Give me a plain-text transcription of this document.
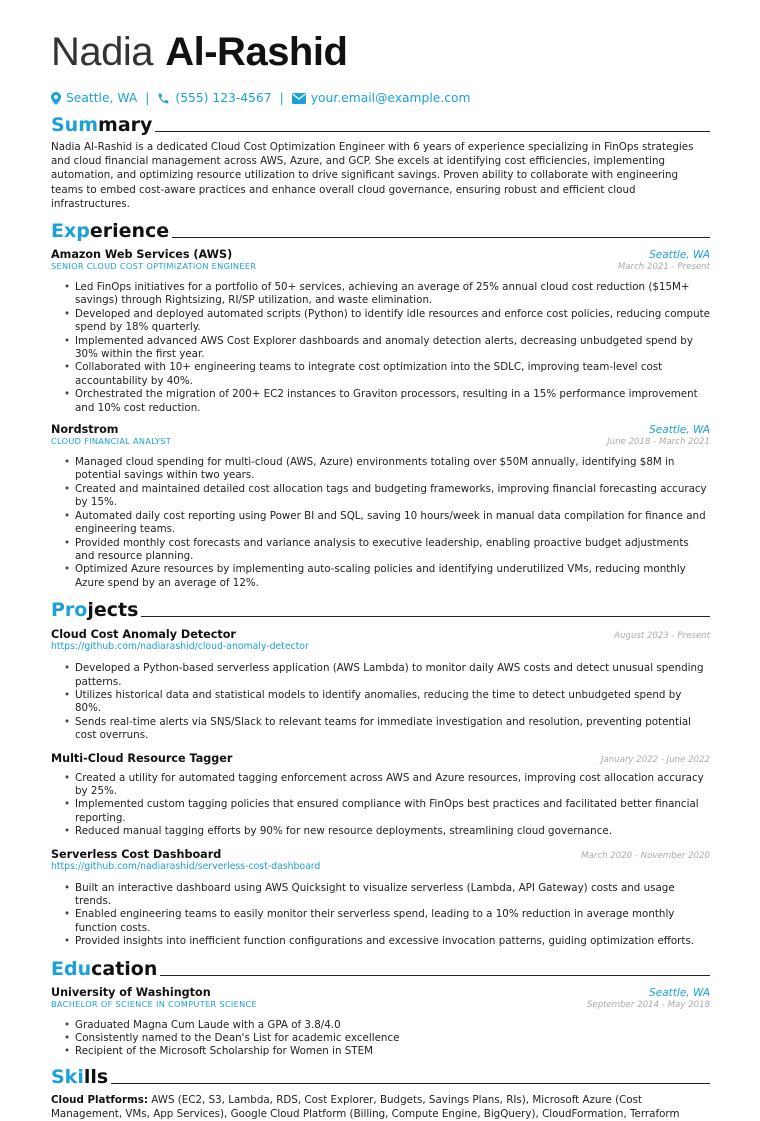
Nadia Al-Rashid
Seattle, WA | (555) 123-4567 | your.email@example.com
Summary
Nadia Al-Rashid is a dedicated Cloud Cost Optimization Engineer with 6 years of experience specializing in FinOps strategies and cloud financial management across AWS, Azure, and GCP. She excels at identifying cost efficiencies, implementing automation, and optimizing resource utilization to drive significant savings. Proven ability to collaborate with engineering teams to embed cost-aware practices and enhance overall cloud governance, ensuring robust and efficient cloud infrastructures.
Experience
Amazon Web Services (AWS)	Seattle, WA
SENIOR CLOUD COST OPTIMIZATION ENGINEER	March 2021 - Present
• Led FinOps initiatives for a portfolio of 50+ services, achieving an average of 25% annual cloud cost reduction ($15M+ savings) through Rightsizing, RI/SP utilization, and waste elimination.
• Developed and deployed automated scripts (Python) to identify idle resources and enforce cost policies, reducing compute spend by 18% quarterly.
• Implemented advanced AWS Cost Explorer dashboards and anomaly detection alerts, decreasing unbudgeted spend by 30% within the first year.
• Collaborated with 10+ engineering teams to integrate cost optimization into the SDLC, improving team-level cost accountability by 40%.
• Orchestrated the migration of 200+ EC2 instances to Graviton processors, resulting in a 15% performance improvement and 10% cost reduction.
Nordstrom	Seattle, WA
CLOUD FINANCIAL ANALYST	June 2018 - March 2021
• Managed cloud spending for multi-cloud (AWS, Azure) environments totaling over $50M annually, identifying $8M in potential savings within two years.
• Created and maintained detailed cost allocation tags and budgeting frameworks, improving financial forecasting accuracy by 15%.
• Automated daily cost reporting using Power BI and SQL, saving 10 hours/week in manual data compilation for finance and engineering teams.
• Provided monthly cost forecasts and variance analysis to executive leadership, enabling proactive budget adjustments and resource planning.
• Optimized Azure resources by implementing auto-scaling policies and identifying underutilized VMs, reducing monthly Azure spend by an average of 12%.
Projects
Cloud Cost Anomaly Detector	August 2023 - Present
https://github.com/nadiarashid/cloud-anomaly-detector
• Developed a Python-based serverless application (AWS Lambda) to monitor daily AWS costs and detect unusual spending patterns.
• Utilizes historical data and statistical models to identify anomalies, reducing the time to detect unbudgeted spend by 80%.
• Sends real-time alerts via SNS/Slack to relevant teams for immediate investigation and resolution, preventing potential cost overruns.
Multi-Cloud Resource Tagger	January 2022 - June 2022
• Created a utility for automated tagging enforcement across AWS and Azure resources, improving cost allocation accuracy by 25%.
• Implemented custom tagging policies that ensured compliance with FinOps best practices and facilitated better financial reporting.
• Reduced manual tagging efforts by 90% for new resource deployments, streamlining cloud governance.
Serverless Cost Dashboard	March 2020 - November 2020
https://github.com/nadiarashid/serverless-cost-dashboard
• Built an interactive dashboard using AWS Quicksight to visualize serverless (Lambda, API Gateway) costs and usage trends.
• Enabled engineering teams to easily monitor their serverless spend, leading to a 10% reduction in average monthly function costs.
• Provided insights into inefficient function configurations and excessive invocation patterns, guiding optimization efforts.
Education
University of Washington	Seattle, WA
BACHELOR OF SCIENCE IN COMPUTER SCIENCE	September 2014 - May 2018
• Graduated Magna Cum Laude with a GPA of 3.8/4.0
• Consistently named to the Dean's List for academic excellence
• Recipient of the Microsoft Scholarship for Women in STEM
Skills
Cloud Platforms: AWS (EC2, S3, Lambda, RDS, Cost Explorer, Budgets, Savings Plans, RIs), Microsoft Azure (Cost Management, VMs, App Services), Google Cloud Platform (Billing, Compute Engine, BigQuery), CloudFormation, Terraform
